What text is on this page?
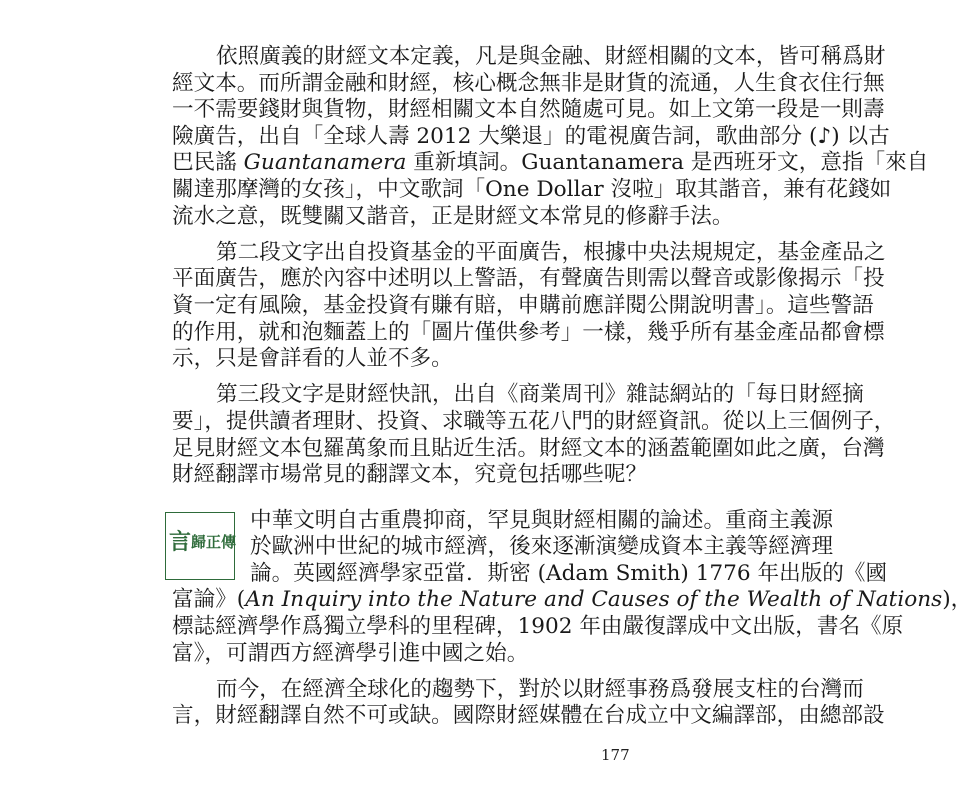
依照廣義的財經文本定義，凡是與金融、財經相關的文本，皆可稱爲財
經文本。而所謂金融和財經，核心概念無非是財貨的流通，人生食衣住行無
一不需要錢財與貨物，財經相關文本自然隨處可見。如上文第一段是一則壽
險廣告，出自「全球人壽 2012 大樂退」的電視廣告詞，歌曲部分 (♪) 以古
巴民謠 Guantanamera 重新填詞。Guantanamera 是西班牙文，意指「來自
關達那摩灣的女孩」，中文歌詞「One Dollar 沒啦」取其諧音，兼有花錢如
流水之意，既雙關又諧音，正是財經文本常見的修辭手法。
第二段文字出自投資基金的平面廣告，根據中央法規規定，基金產品之
平面廣告，應於內容中述明以上警語，有聲廣告則需以聲音或影像揭示「投
資一定有風險，基金投資有賺有賠，申購前應詳閱公開說明書」。這些警語
的作用，就和泡麵蓋上的「圖片僅供參考」一樣，幾乎所有基金產品都會標
示，只是會詳看的人並不多。
第三段文字是財經快訊，出自《商業周刊》雜誌網站的「每日財經摘
要」，提供讀者理財、投資、求職等五花八門的財經資訊。從以上三個例子，
足見財經文本包羅萬象而且貼近生活。財經文本的涵蓋範圍如此之廣，台灣
財經翻譯市場常見的翻譯文本，究竟包括哪些呢？
中華文明自古重農抑商，罕見與財經相關的論述。重商主義源
於歐洲中世紀的城市經濟，後來逐漸演變成資本主義等經濟理
論。英國經濟學家亞當．斯密 (Adam Smith) 1776 年出版的《國
富論》(An Inquiry into the Nature and Causes of the Wealth of Nations)，
標誌經濟學作爲獨立學科的里程碑，1902 年由嚴復譯成中文出版，書名《原
富》，可謂西方經濟學引進中國之始。
而今，在經濟全球化的趨勢下，對於以財經事務爲發展支柱的台灣而
言，財經翻譯自然不可或缺。國際財經媒體在台成立中文編譯部，由總部設
言歸正傳
177
